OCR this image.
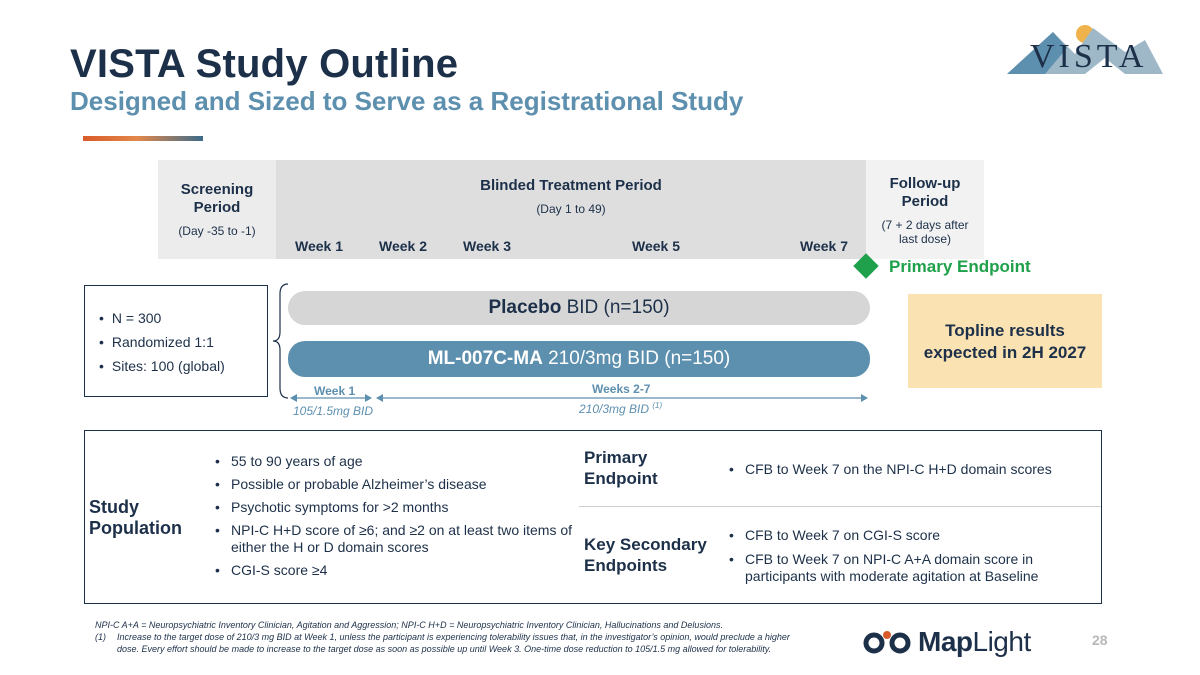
VISTA Study Outline
Designed and Sized to Serve as a Registrational Study
VISTA
Screening Period
(Day -35 to -1)
Blinded Treatment Period
(Day 1 to 49)
Week 1	Week 2	Week 3	Week 5	Week 7
Follow-up Period
(7 + 2 days after last dose)
Primary Endpoint
• N = 300
• Randomized 1:1
• Sites: 100 (global)
Placebo BID (n=150)
ML-007C-MA 210/3mg BID (n=150)
Week 1
105/1.5mg BID
Weeks 2-7
210/3mg BID $^{(1)}$
Topline results expected in 2H 2027
Study Population
• 55 to 90 years of age
• Possible or probable Alzheimer’s disease
• Psychotic symptoms for >2 months
• NPI-C H+D score of ≥6; and ≥2 on at least two items of either the H or D domain scores
• CGI-S score ≥4
Primary Endpoint
•	CFB to Week 7 on the NPI-C H+D domain scores
Key Secondary Endpoints
• CFB to Week 7 on CGI-S score
• CFB to Week 7 on NPI-C A+A domain score in participants with moderate agitation at Baseline
NPI-C A+A = Neuropsychiatric Inventory Clinician, Agitation and Aggression; NPI-C H+D = Neuropsychiatric Inventory Clinician, Hallucinations and Delusions.
(1)	Increase to the target dose of 210/3 mg BID at Week 1, unless the participant is experiencing tolerability issues that, in the investigator’s opinion, would preclude a higher dose. Every effort should be made to increase to the target dose as soon as possible up until Week 3. One-time dose reduction to 105/1.5 mg allowed for tolerability.	MapLight	28
